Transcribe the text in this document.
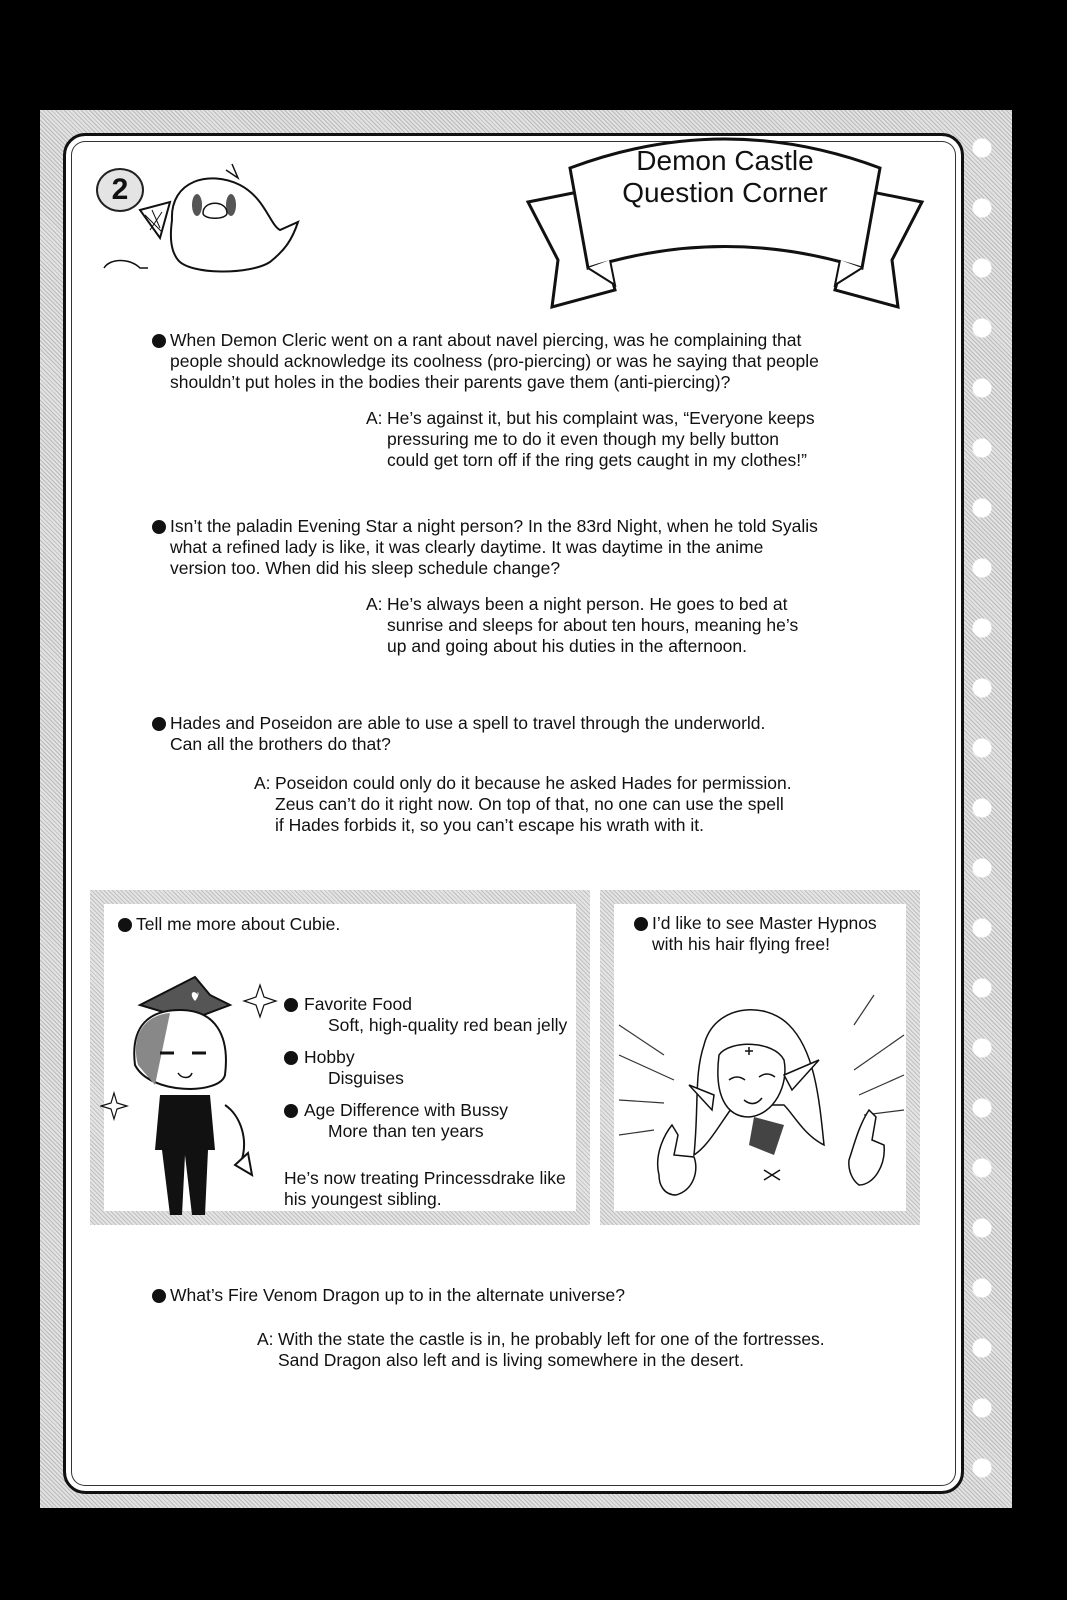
2
Demon Castle
Question Corner
When Demon Cleric went on a rant about navel piercing, was he complaining that
people should acknowledge its coolness (pro-piercing) or was he saying that people
shouldn’t put holes in the bodies their parents gave them (anti-piercing)?
A: He’s against it, but his complaint was, “Everyone keeps
pressuring me to do it even though my belly button
could get torn off if the ring gets caught in my clothes!”
Isn’t the paladin Evening Star a night person? In the 83rd Night, when he told Syalis
what a refined lady is like, it was clearly daytime. It was daytime in the anime
version too. When did his sleep schedule change?
A: He’s always been a night person. He goes to bed at
sunrise and sleeps for about ten hours, meaning he’s
up and going about his duties in the afternoon.
Hades and Poseidon are able to use a spell to travel through the underworld.
Can all the brothers do that?
A: Poseidon could only do it because he asked Hades for permission.
Zeus can’t do it right now. On top of that, no one can use the spell
if Hades forbids it, so you can’t escape his wrath with it.
Tell me more about Cubie.
Favorite Food
Soft, high-quality red bean jelly
Hobby
Disguises
Age Difference with Bussy
More than ten years
He’s now treating Princessdrake like
his youngest sibling.
I’d like to see Master Hypnos
with his hair flying free!
What’s Fire Venom Dragon up to in the alternate universe?
A: With the state the castle is in, he probably left for one of the fortresses.
Sand Dragon also left and is living somewhere in the desert.
